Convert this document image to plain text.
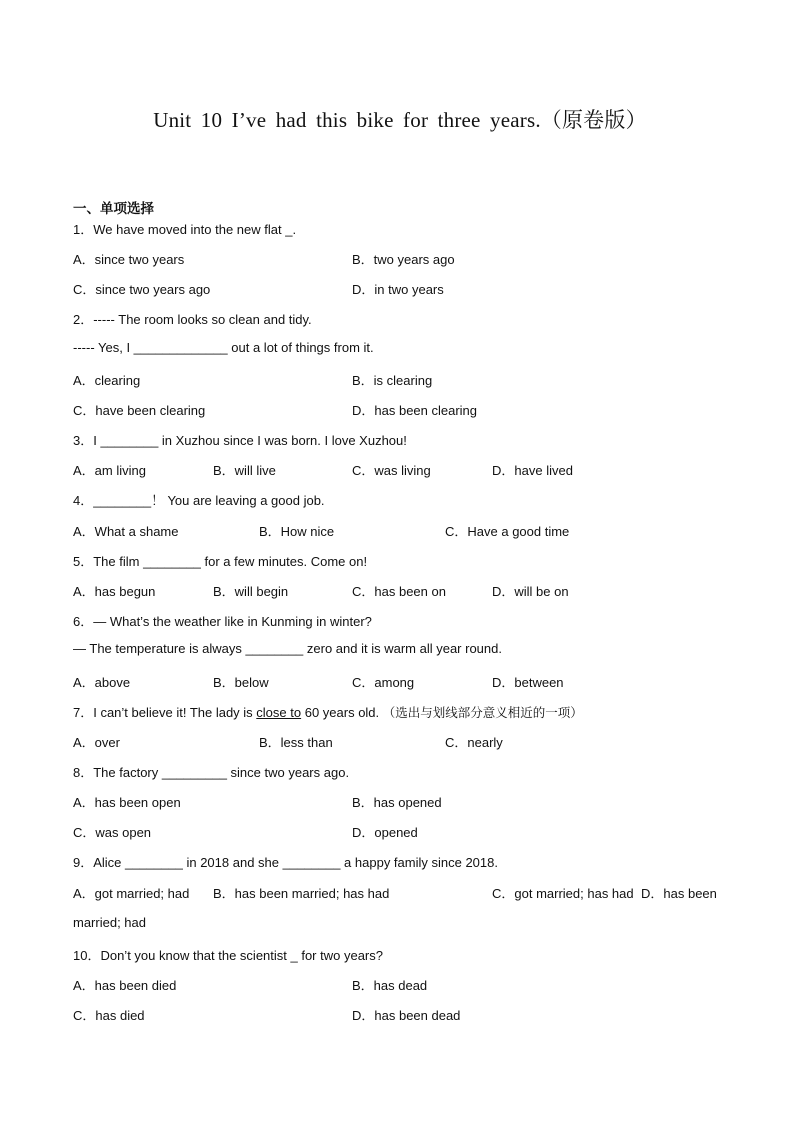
Unit 10 I’ve had this bike for three years.（原卷版）
一、单项选择
1．We have moved into the new flat _.
A．since two years	B．two years ago
C．since two years ago	D．in two years
2．----- The room looks so clean and tidy.
----- Yes, I _____________ out a lot of things from it.
A．clearing	B．is clearing
C．have been clearing	D．has been clearing
3．I ________ in Xuzhou since I was born. I love Xuzhou!
A．am living	B．will live	C．was living	D．have lived
4．________！ You are leaving a good job.
A．What a shame	B．How nice	C．Have a good time
5．The film ________ for a few minutes. Come on!
A．has begun	B．will begin	C．has been on	D．will be on
6．— What’s the weather like in Kunming in winter?
— The temperature is always ________ zero and it is warm all year round.
A．above	B．below	C．among	D．between
7．I can’t believe it! The lady is close to 60 years old. （选出与划线部分意义相近的一项）
A．over	B．less than	C．nearly
8．The factory _________ since two years ago.
A．has been open	B．has opened
C．was open	D．opened
9．Alice ________ in 2018 and she ________ a happy family since 2018.
A．got married; had B．has been married; has had	C．got married; has had D．has been
married; had
10．Don’t you know that the scientist _ for two years?
A．has been died	B．has dead
C．has died	D．has been dead
